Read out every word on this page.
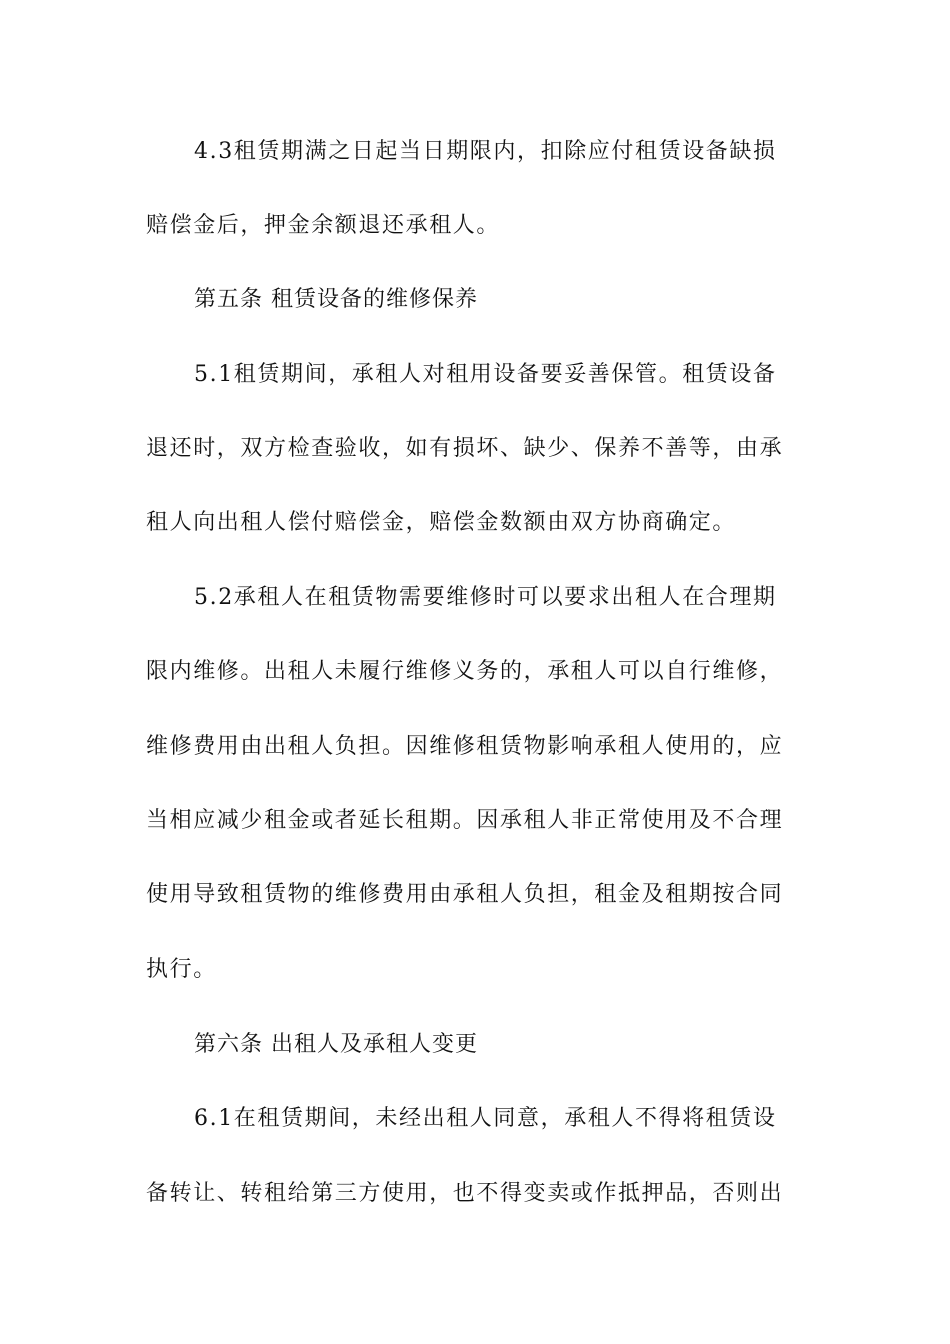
4.3租赁期满之日起当日期限内，扣除应付租赁设备缺损
赔偿金后，押金余额退还承租人。
第五条 租赁设备的维修保养
5.1租赁期间，承租人对租用设备要妥善保管。租赁设备
退还时，双方检查验收，如有损坏、缺少、保养不善等，由承
租人向出租人偿付赔偿金，赔偿金数额由双方协商确定。
5.2承租人在租赁物需要维修时可以要求出租人在合理期
限内维修。出租人未履行维修义务的，承租人可以自行维修，
维修费用由出租人负担。因维修租赁物影响承租人使用的，应
当相应减少租金或者延长租期。因承租人非正常使用及不合理
使用导致租赁物的维修费用由承租人负担，租金及租期按合同
执行。
第六条 出租人及承租人变更
6.1在租赁期间，未经出租人同意，承租人不得将租赁设
备转让、转租给第三方使用，也不得变卖或作抵押品，否则出
